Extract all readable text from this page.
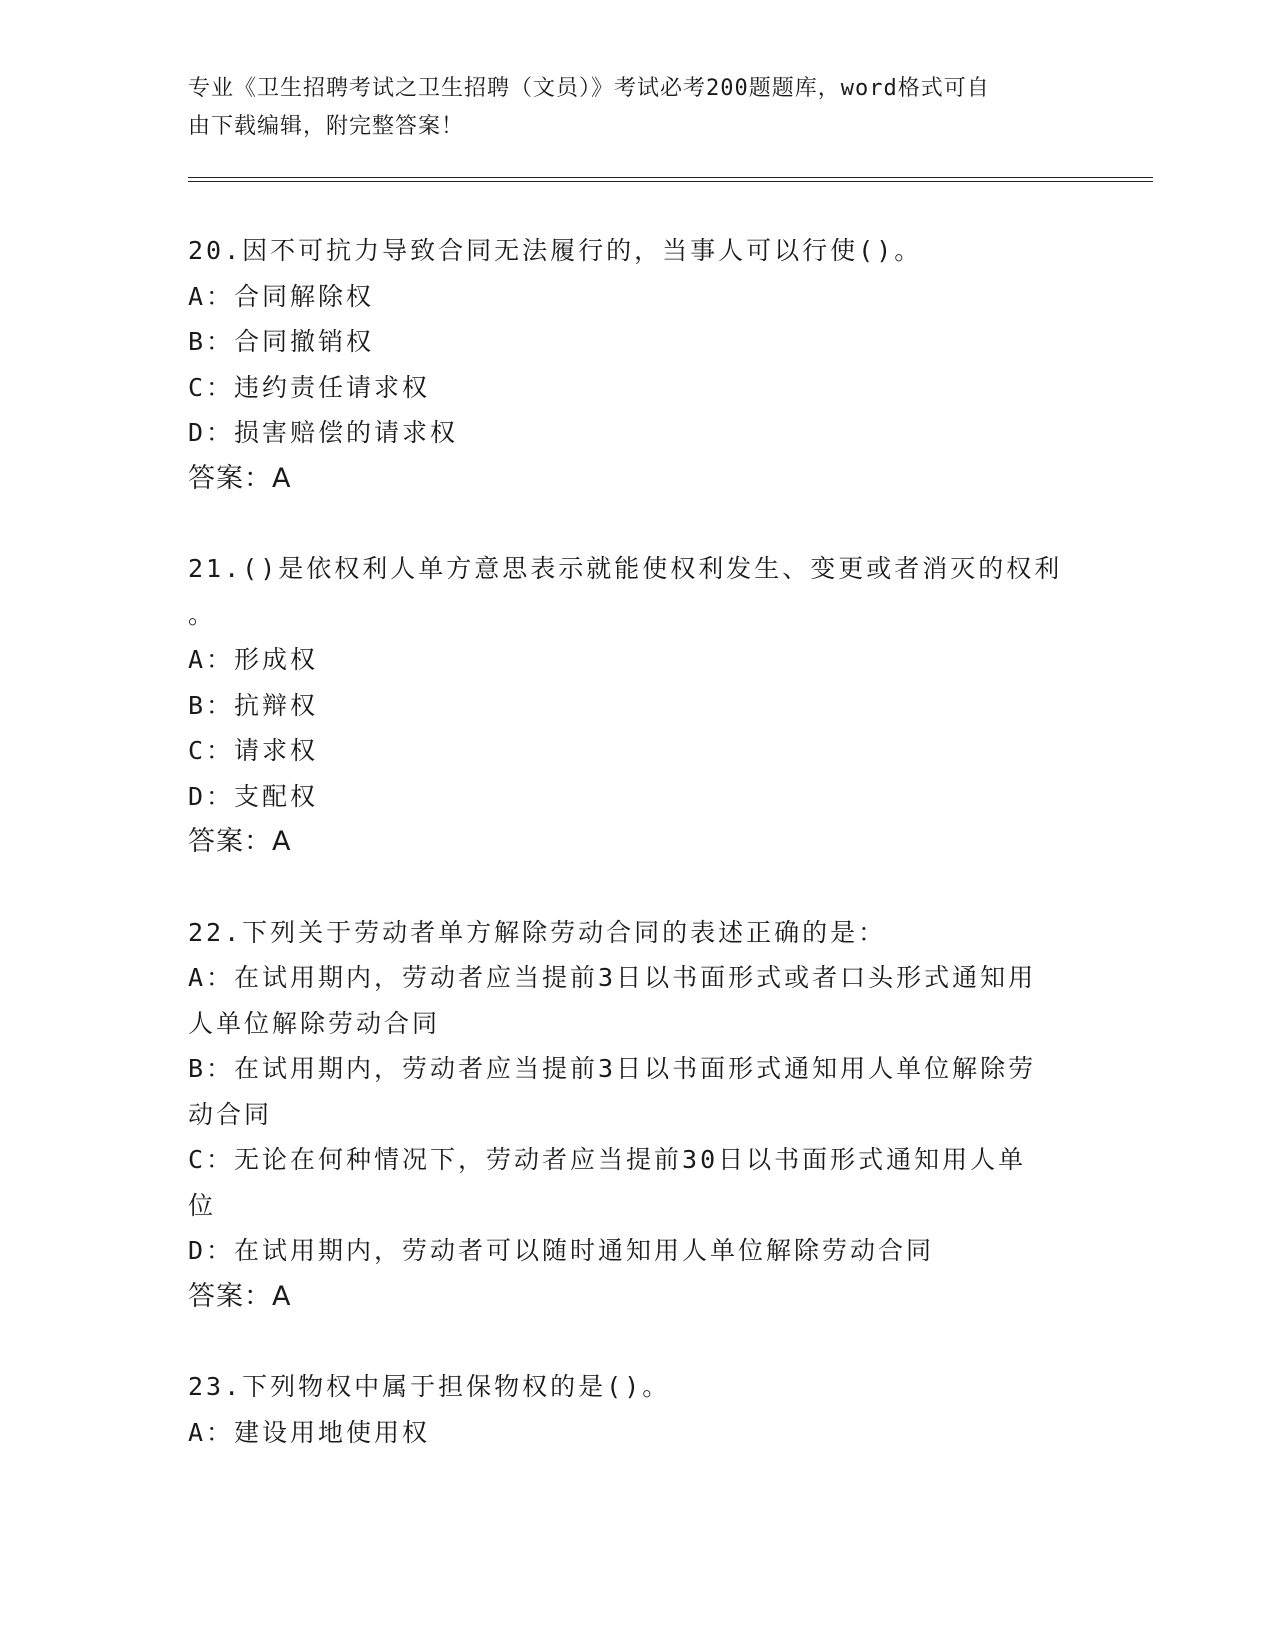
专业《卫生招聘考试之卫生招聘（文员）》考试必考200题题库，word格式可自
由下载编辑，附完整答案！

20.因不可抗力导致合同无法履行的，当事人可以行使()。

A：合同解除权

B：合同撤销权

C：违约责任请求权

D：损害赔偿的请求权

答案：A

21.()是依权利人单方意思表示就能使权利发生、变更或者消灭的权利

。

A：形成权

B：抗辩权

C：请求权

D：支配权

答案：A

22.下列关于劳动者单方解除劳动合同的表述正确的是：

A：在试用期内，劳动者应当提前3日以书面形式或者口头形式通知用

人单位解除劳动合同

B：在试用期内，劳动者应当提前3日以书面形式通知用人单位解除劳

动合同

C：无论在何种情况下，劳动者应当提前30日以书面形式通知用人单

位

D：在试用期内，劳动者可以随时通知用人单位解除劳动合同

答案：A

23.下列物权中属于担保物权的是()。

A：建设用地使用权
